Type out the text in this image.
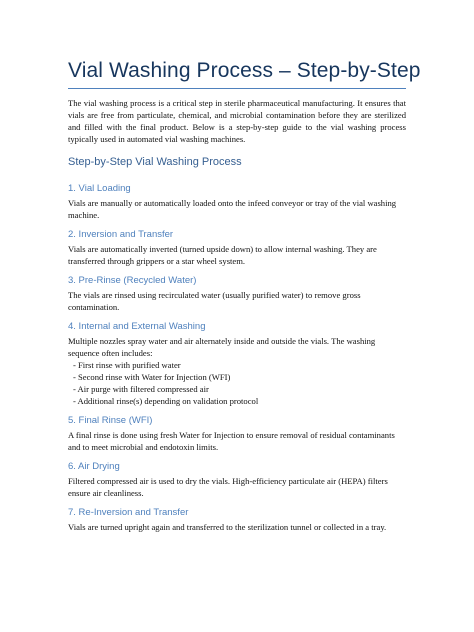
Vial Washing Process – Step-by-Step
The vial washing process is a critical step in sterile pharmaceutical manufacturing. It ensures that vials are free from particulate, chemical, and microbial contamination before they are sterilized and filled with the final product. Below is a step-by-step guide to the vial washing process typically used in automated vial washing machines.
Step-by-Step Vial Washing Process
1. Vial Loading
Vials are manually or automatically loaded onto the infeed conveyor or tray of the vial washing machine.
2. Inversion and Transfer
Vials are automatically inverted (turned upside down) to allow internal washing. They are transferred through grippers or a star wheel system.
3. Pre-Rinse (Recycled Water)
The vials are rinsed using recirculated water (usually purified water) to remove gross contamination.
4. Internal and External Washing
Multiple nozzles spray water and air alternately inside and outside the vials. The washing sequence often includes:
- First rinse with purified water
- Second rinse with Water for Injection (WFI)
- Air purge with filtered compressed air
- Additional rinse(s) depending on validation protocol
5. Final Rinse (WFI)
A final rinse is done using fresh Water for Injection to ensure removal of residual contaminants and to meet microbial and endotoxin limits.
6. Air Drying
Filtered compressed air is used to dry the vials. High-efficiency particulate air (HEPA) filters ensure air cleanliness.
7. Re-Inversion and Transfer
Vials are turned upright again and transferred to the sterilization tunnel or collected in a tray.
